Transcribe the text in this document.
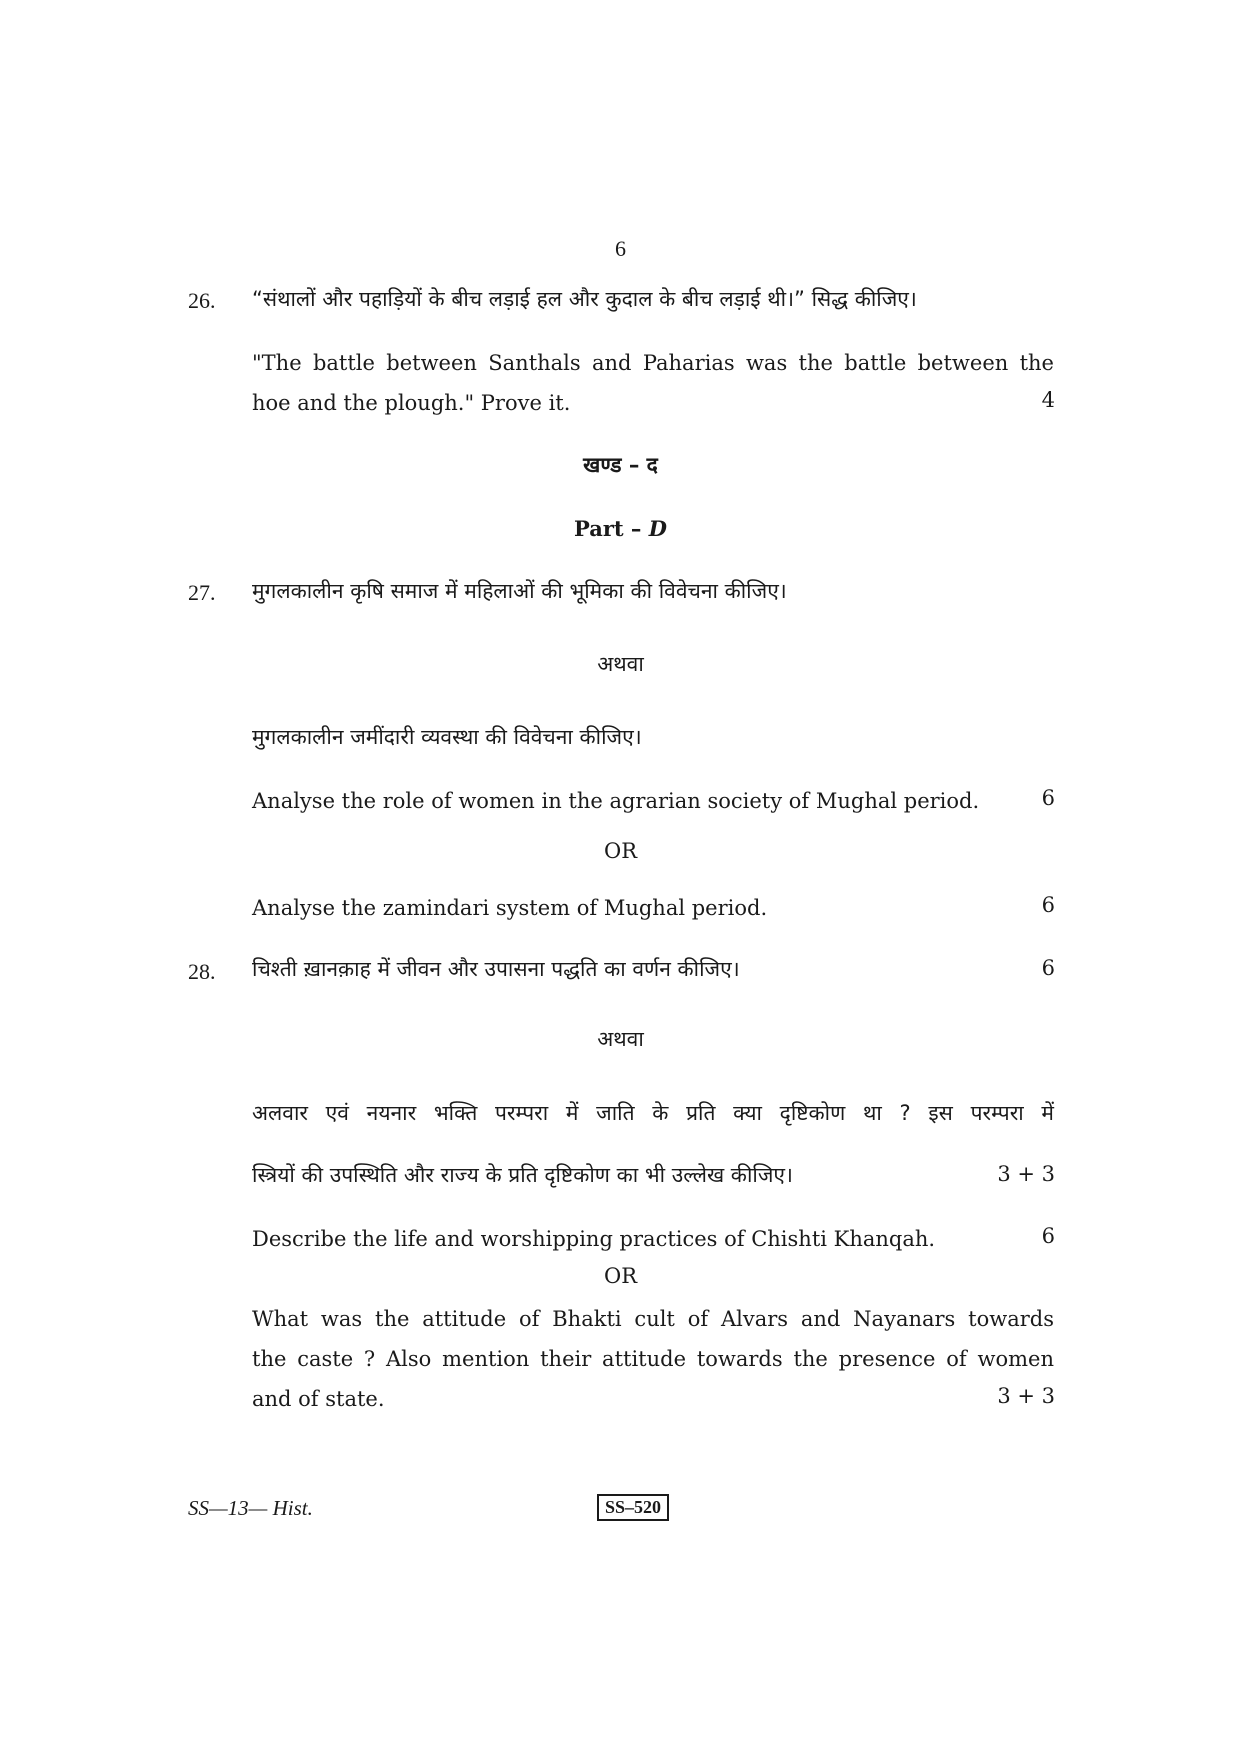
6
26. “संथालों और पहाड़ियों के बीच लड़ाई हल और कुदाल के बीच लड़ाई थी।” सिद्ध कीजिए।
"The battle between Santhals and Paharias was the battle between the
hoe and the plough." Prove it.	4
खण्ड – द
Part – D
27. मुगलकालीन कृषि समाज में महिलाओं की भूमिका की विवेचना कीजिए।
अथवा
मुगलकालीन जमींदारी व्यवस्था की विवेचना कीजिए।
Analyse the role of women in the agrarian society of Mughal period.	6
OR
Analyse the zamindari system of Mughal period.	6
28. चिश्ती ख़ानक़ाह में जीवन और उपासना पद्धति का वर्णन कीजिए।	6
अथवा
अलवार एवं नयनार भक्ति परम्परा में जाति के प्रति क्या दृष्टिकोण था ? इस परम्परा में
स्त्रियों की उपस्थिति और राज्य के प्रति दृष्टिकोण का भी उल्लेख कीजिए।	3 + 3
Describe the life and worshipping practices of Chishti Khanqah.	6
OR
What was the attitude of Bhakti cult of Alvars and Nayanars towards
the caste ? Also mention their attitude towards the presence of women
and of state.	3 + 3
SS—13— Hist.	SS–520
